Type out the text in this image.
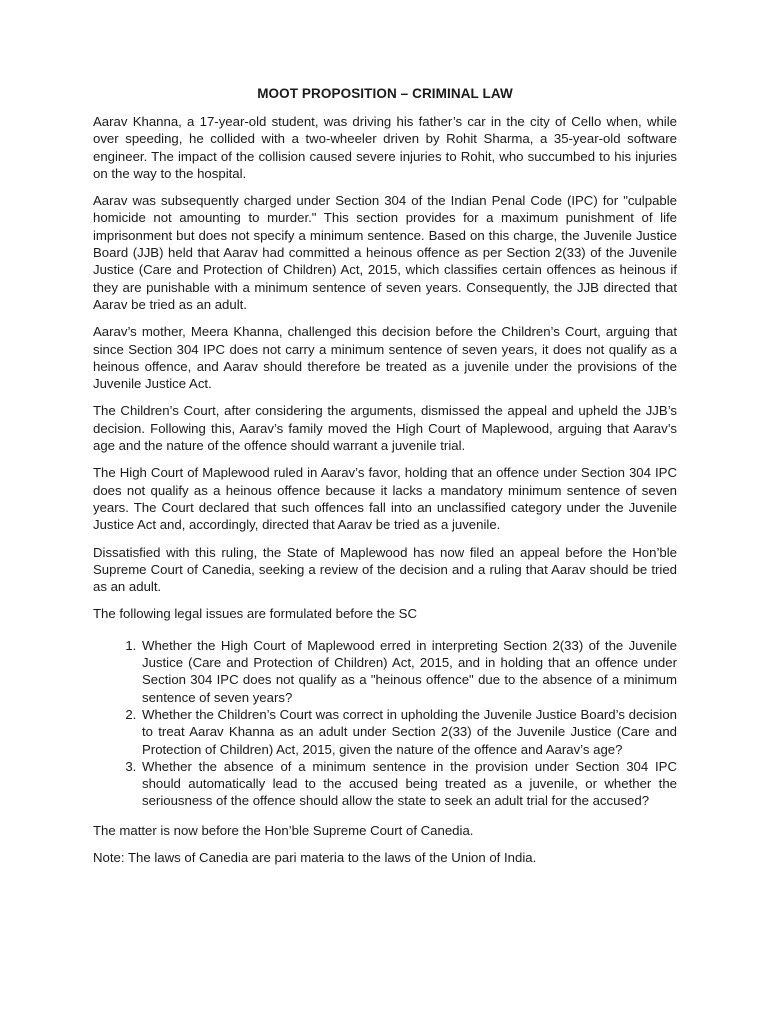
MOOT PROPOSITION – CRIMINAL LAW

Aarav Khanna, a 17-year-old student, was driving his father’s car in the city of Cello when, while over speeding, he collided with a two-wheeler driven by Rohit Sharma, a 35-year-old software engineer. The impact of the collision caused severe injuries to Rohit, who succumbed to his injuries on the way to the hospital.

Aarav was subsequently charged under Section 304 of the Indian Penal Code (IPC) for "culpable homicide not amounting to murder." This section provides for a maximum punishment of life imprisonment but does not specify a minimum sentence. Based on this charge, the Juvenile Justice Board (JJB) held that Aarav had committed a heinous offence as per Section 2(33) of the Juvenile Justice (Care and Protection of Children) Act, 2015, which classifies certain offences as heinous if they are punishable with a minimum sentence of seven years. Consequently, the JJB directed that Aarav be tried as an adult.

Aarav’s mother, Meera Khanna, challenged this decision before the Children’s Court, arguing that since Section 304 IPC does not carry a minimum sentence of seven years, it does not qualify as a heinous offence, and Aarav should therefore be treated as a juvenile under the provisions of the Juvenile Justice Act.

The Children’s Court, after considering the arguments, dismissed the appeal and upheld the JJB’s decision. Following this, Aarav’s family moved the High Court of Maplewood, arguing that Aarav’s age and the nature of the offence should warrant a juvenile trial.

The High Court of Maplewood ruled in Aarav’s favor, holding that an offence under Section 304 IPC does not qualify as a heinous offence because it lacks a mandatory minimum sentence of seven years. The Court declared that such offences fall into an unclassified category under the Juvenile Justice Act and, accordingly, directed that Aarav be tried as a juvenile.

Dissatisfied with this ruling, the State of Maplewood has now filed an appeal before the Hon’ble Supreme Court of Canedia, seeking a review of the decision and a ruling that Aarav should be tried as an adult.

The following legal issues are formulated before the SC

1. Whether the High Court of Maplewood erred in interpreting Section 2(33) of the Juvenile Justice (Care and Protection of Children) Act, 2015, and in holding that an offence under Section 304 IPC does not qualify as a "heinous offence" due to the absence of a minimum sentence of seven years?
2. Whether the Children’s Court was correct in upholding the Juvenile Justice Board’s decision to treat Aarav Khanna as an adult under Section 2(33) of the Juvenile Justice (Care and Protection of Children) Act, 2015, given the nature of the offence and Aarav’s age?
3. Whether the absence of a minimum sentence in the provision under Section 304 IPC should automatically lead to the accused being treated as a juvenile, or whether the seriousness of the offence should allow the state to seek an adult trial for the accused?

The matter is now before the Hon’ble Supreme Court of Canedia.

Note: The laws of Canedia are pari materia to the laws of the Union of India.
